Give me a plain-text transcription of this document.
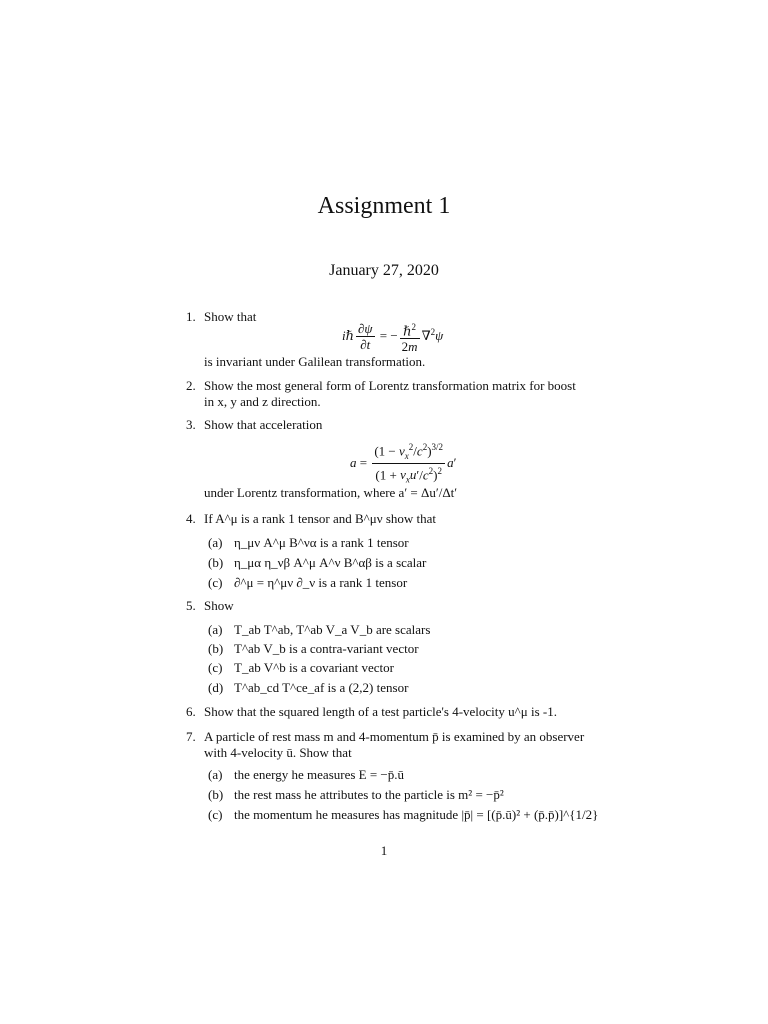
Assignment 1
January 27, 2020
1. Show that
iℏ $\frac{\partial\psi}{\partial t}$ = − $\frac{\hbar^2}{2m} \nabla^2\psi$
is invariant under Galilean transformation.
2. Show the most general form of Lorentz transformation matrix for boost
in x, y and z direction.
3. Show that acceleration
$a = \frac{(1 - v_x^2/c^2)^{3/2}}{(1 + v_xu'/c^2)^2} a'$
under Lorentz transformation, where a′ = Δu′/Δt′
4. If A^μ is a rank 1 tensor and B^μν show that
(a) η_μν A^μ B^να is a rank 1 tensor
(b) η_μα η_νβ A^μ A^ν B^αβ is a scalar
(c) ∂^μ = η^μν ∂_ν is a rank 1 tensor
5. Show
(a) T_ab T^ab, T^ab V_a V_b are scalars
(b) T^ab V_b is a contra-variant vector
(c) T_ab V^b is a covariant vector
(d) T^ab_cd T^ce_af is a (2,2) tensor
6. Show that the squared length of a test particle's 4-velocity u^μ is -1.
7. A particle of rest mass m and 4-momentum p̄ is examined by an observer
with 4-velocity ū. Show that
(a) the energy he measures E = −p̄.ū
(b) the rest mass he attributes to the particle is m² = −p̄²
(c) the momentum he measures has magnitude |p̄| = [(p̄.ū)² + (p̄.p̄)]^{1/2}
1
